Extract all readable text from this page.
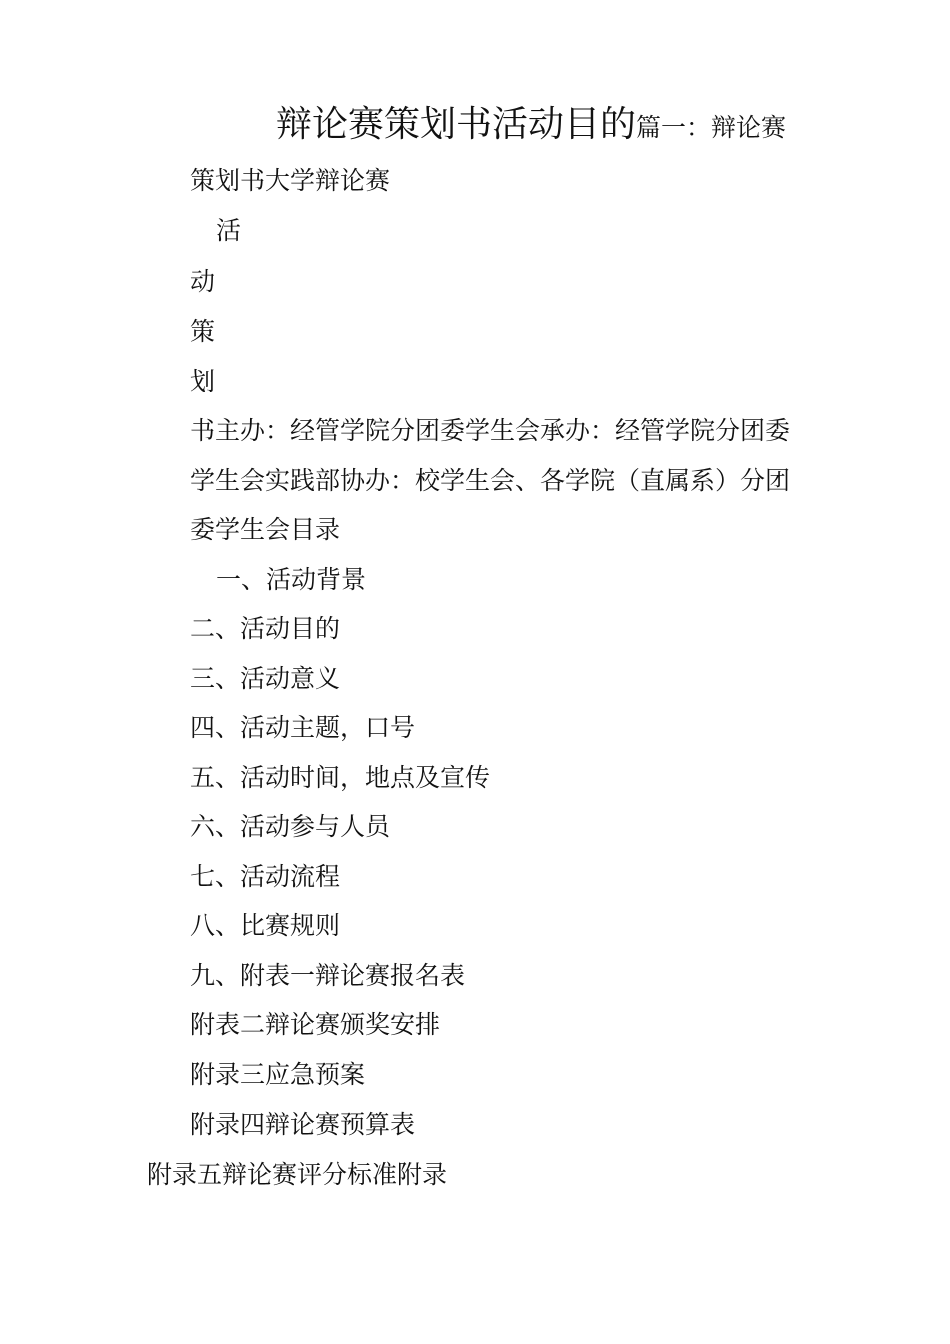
辩论赛策划书活动目的篇一：辩论赛

策划书大学辩论赛

活

动

策

划

书主办：经管学院分团委学生会承办：经管学院分团委

学生会实践部协办：校学生会、各学院（直属系）分团

委学生会目录

一、活动背景

二、活动目的

三、活动意义

四、活动主题，口号

五、活动时间，地点及宣传

六、活动参与人员

七、活动流程

八、比赛规则

九、附表一辩论赛报名表

附表二辩论赛颁奖安排

附录三应急预案

附录四辩论赛预算表

附录五辩论赛评分标准附录
